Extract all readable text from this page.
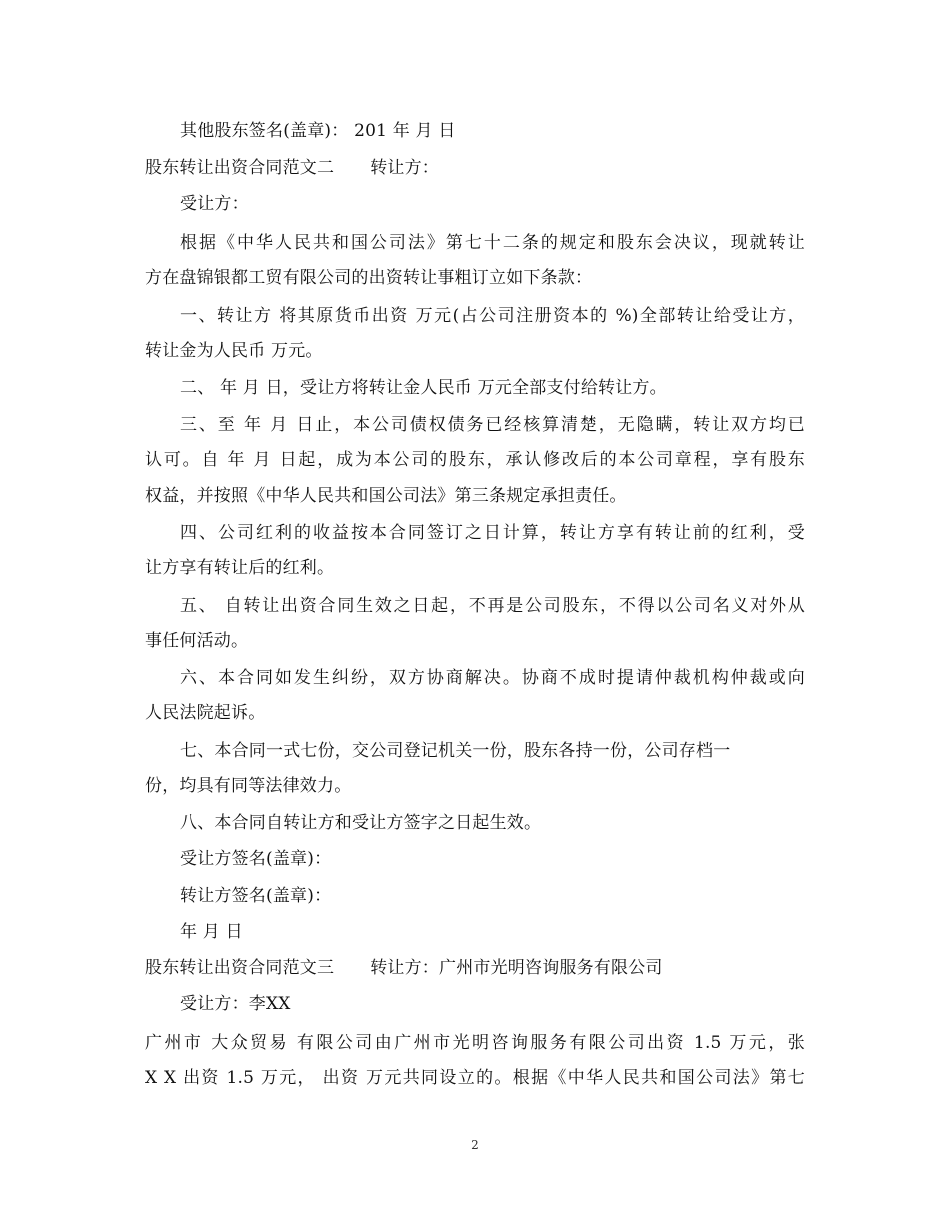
其他股东签名(盖章)： 201 年 月 日
股东转让出资合同范文二 转让方：
受让方：
根据《中华人民共和国公司法》第七十二条的规定和股东会决议，现就转让
方在盘锦银都工贸有限公司的出资转让事粗订立如下条款：
一、转让方 将其原货币出资 万元(占公司注册资本的 %)全部转让给受让方，
转让金为人民币 万元。
二、 年 月 日，受让方将转让金人民币 万元全部支付给转让方。
三、至 年 月 日止，本公司债权债务已经核算清楚，无隐瞒，转让双方均已
认可。自 年 月 日起，成为本公司的股东，承认修改后的本公司章程，享有股东
权益，并按照《中华人民共和国公司法》第三条规定承担责任。
四、公司红利的收益按本合同签订之日计算，转让方享有转让前的红利，受
让方享有转让后的红利。
五、 自转让出资合同生效之日起，不再是公司股东，不得以公司名义对外从
事任何活动。
六、本合同如发生纠纷，双方协商解决。协商不成时提请仲裁机构仲裁或向
人民法院起诉。
七、本合同一式七份，交公司登记机关一份，股东各持一份，公司存档一
份，均具有同等法律效力。
八、本合同自转让方和受让方签字之日起生效。
受让方签名(盖章)：
转让方签名(盖章)：
年 月 日
股东转让出资合同范文三 转让方：广州市光明咨询服务有限公司
受让方：李XX
广州市 大众贸易 有限公司由广州市光明咨询服务有限公司出资 1.5 万元，张
X X 出资 1.5 万元， 出资 万元共同设立的。根据《中华人民共和国公司法》第七
2
